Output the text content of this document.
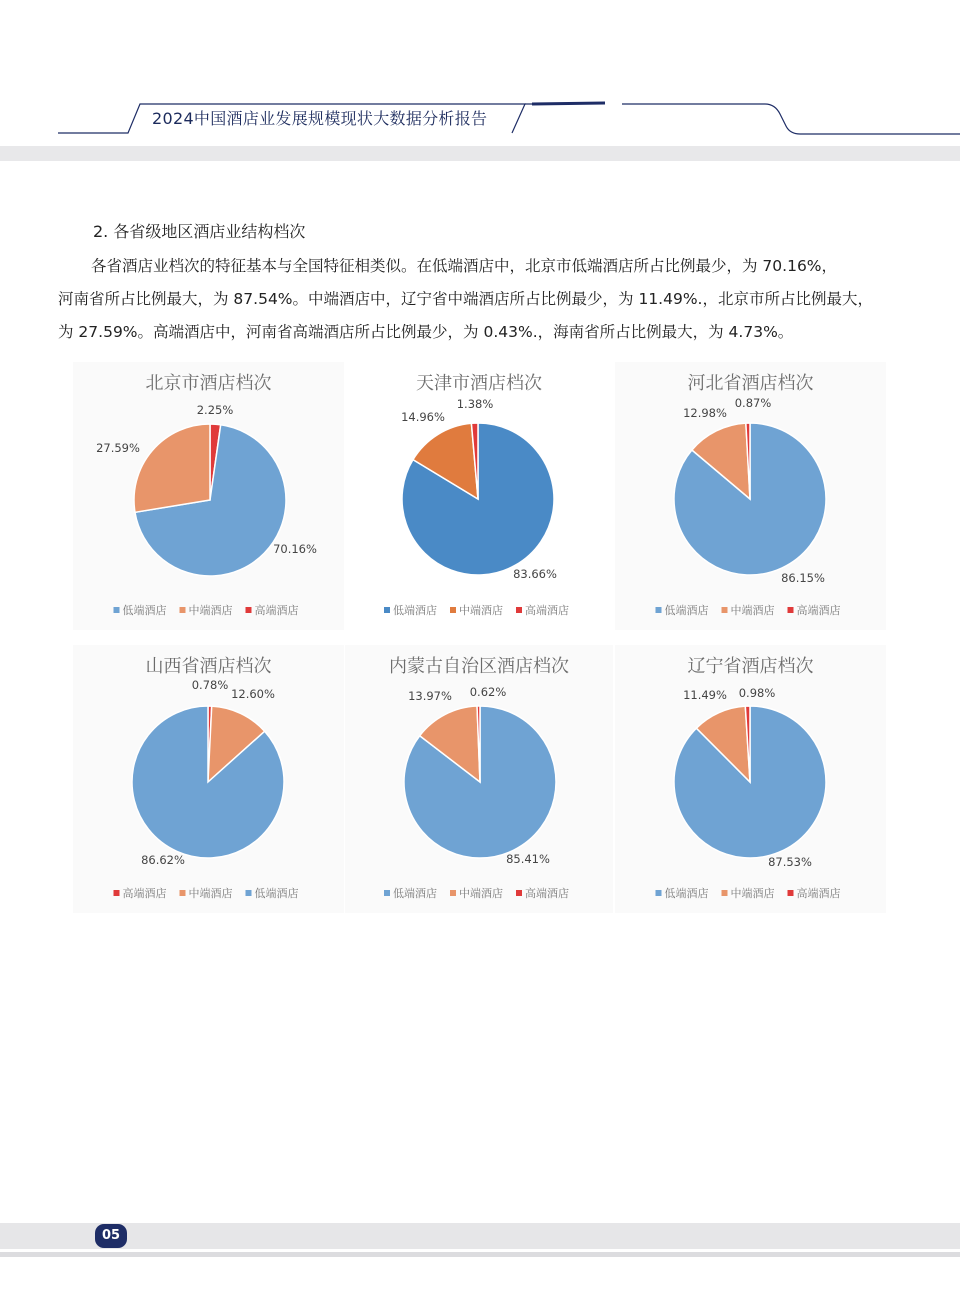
2024中国酒店业发展规模现状大数据分析报告
2. 各省级地区酒店业结构档次
各省酒店业档次的特征基本与全国特征相类似。在低端酒店中，北京市低端酒店所占比例最少，为 70.16%，
河南省所占比例最大，为 87.54%。中端酒店中，辽宁省中端酒店所占比例最少，为 11.49%.，北京市所占比例最大，
为 27.59%。高端酒店中，河南省高端酒店所占比例最少，为 0.43%.，海南省所占比例最大，为 4.73%。
北京市酒店档次
70.16%
27.59%
2.25%
低端酒店 中端酒店 高端酒店
天津市酒店档次
83.66%
14.96%
1.38%
低端酒店 中端酒店 高端酒店
河北省酒店档次
86.15%
12.98%
0.87%
低端酒店 中端酒店 高端酒店
山西省酒店档次
0.78%
12.60%
86.62%
高端酒店 中端酒店 低端酒店
内蒙古自治区酒店档次
85.41%
13.97% 0.62%
低端酒店 中端酒店 高端酒店
辽宁省酒店档次
87.53%
11.49% 0.98%
低端酒店 中端酒店 高端酒店
05
